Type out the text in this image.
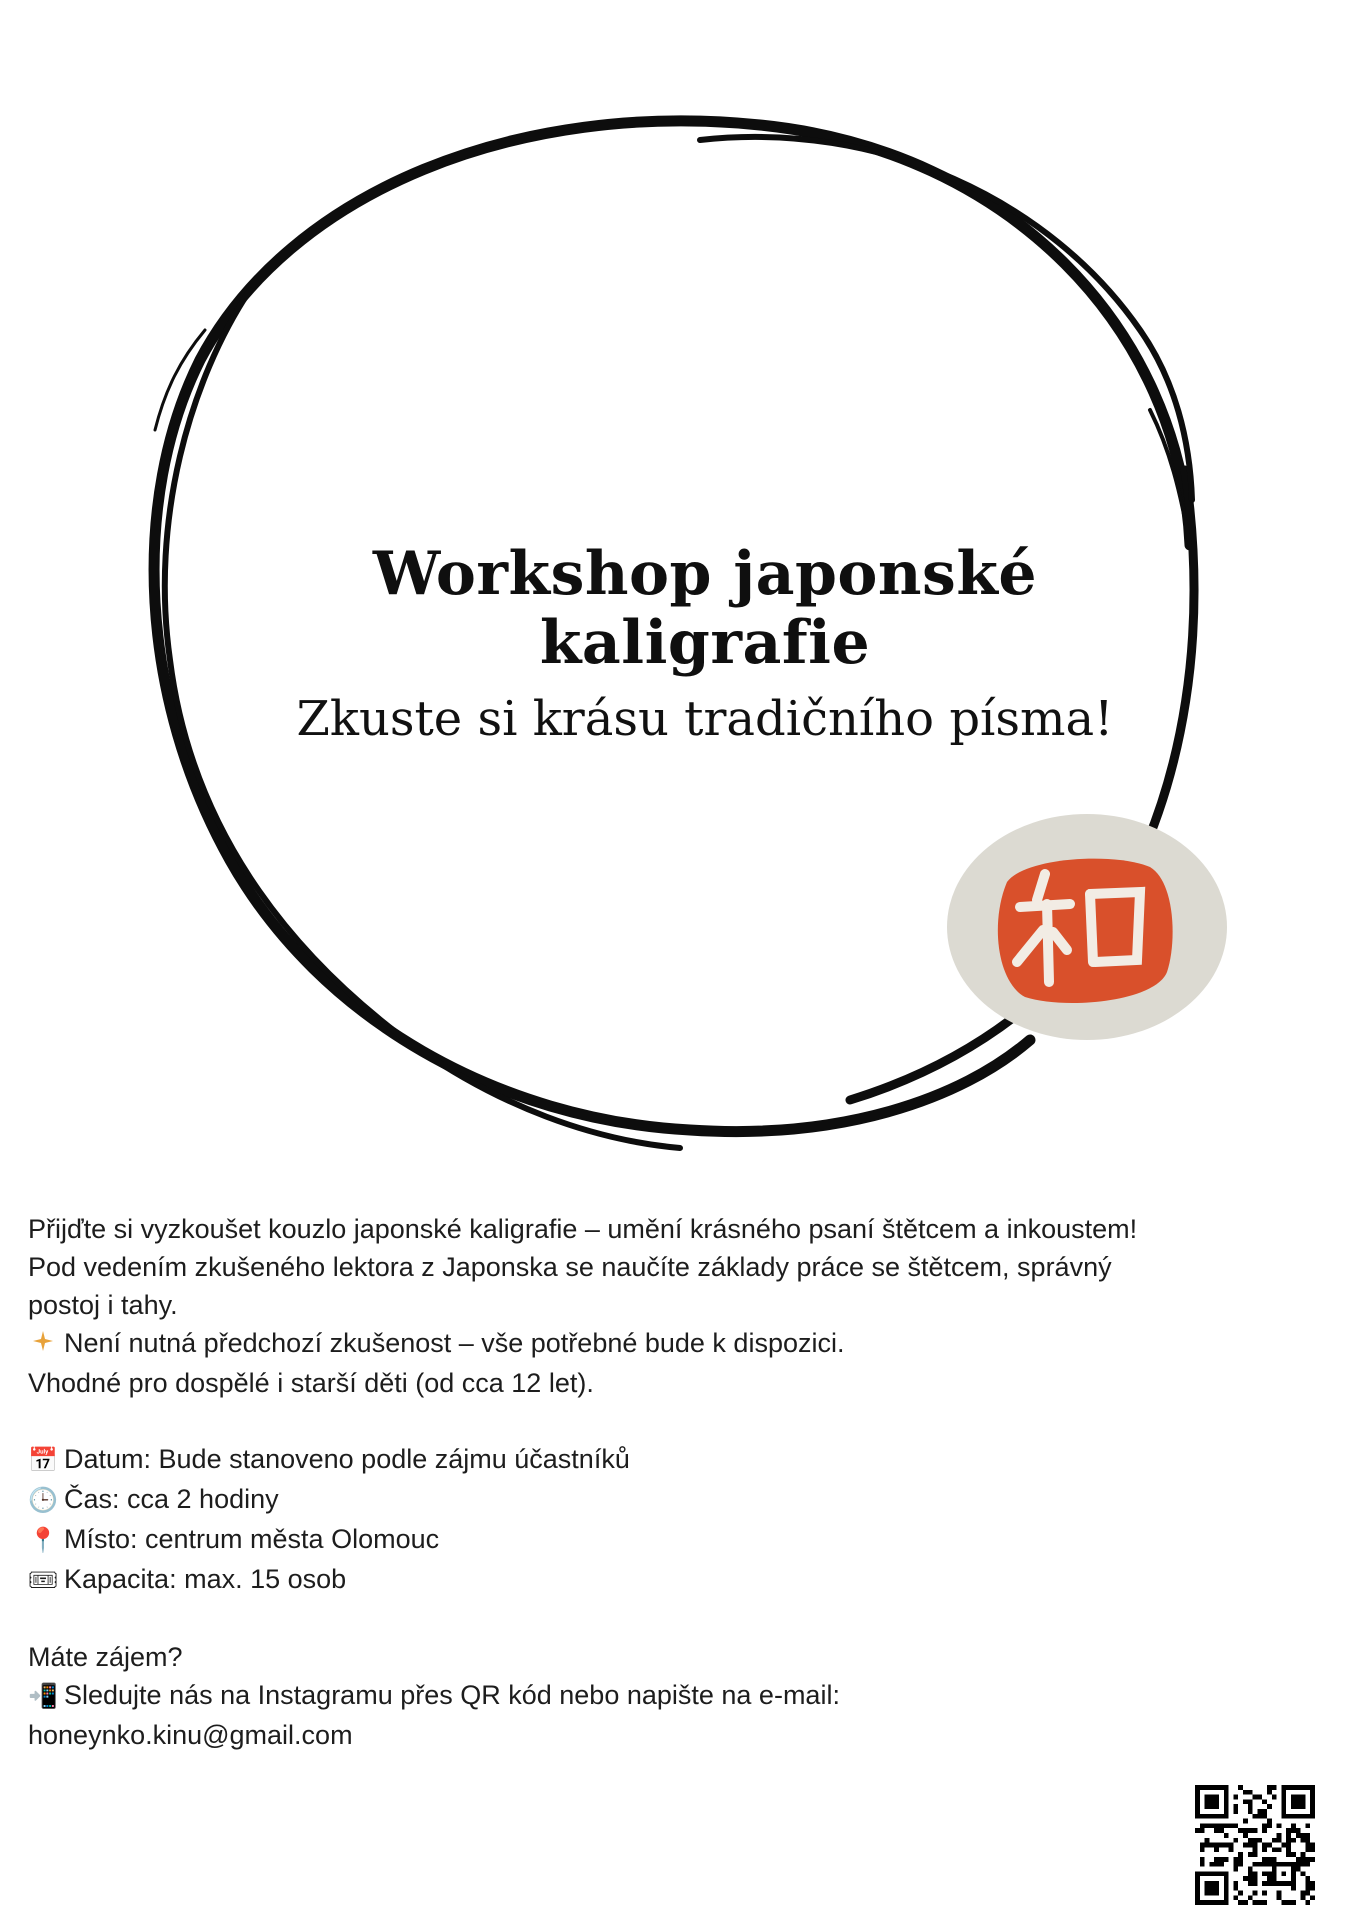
Workshop japonské kaligrafie

Zkuste si krásu tradičního písma!

Přijďte si vyzkoušet kouzlo japonské kaligrafie – umění krásného psaní štětcem a inkoustem!

Pod vedením zkušeného lektora z Japonska se naučíte základy práce se štětcem, správný

postoj i tahy.

Není nutná předchozí zkušenost – vše potřebné bude k dispozici.

Vhodné pro dospělé i starší děti (od cca 12 let).

📅 Datum: Bude stanoveno podle zájmu účastníků

🕒 Čas: cca 2 hodiny

📍 Místo: centrum města Olomouc

🎟 Kapacita: max. 15 osob

Máte zájem?

📲 Sledujte nás na Instagramu přes QR kód nebo napište na e-mail:

honeynko.kinu@gmail.com
